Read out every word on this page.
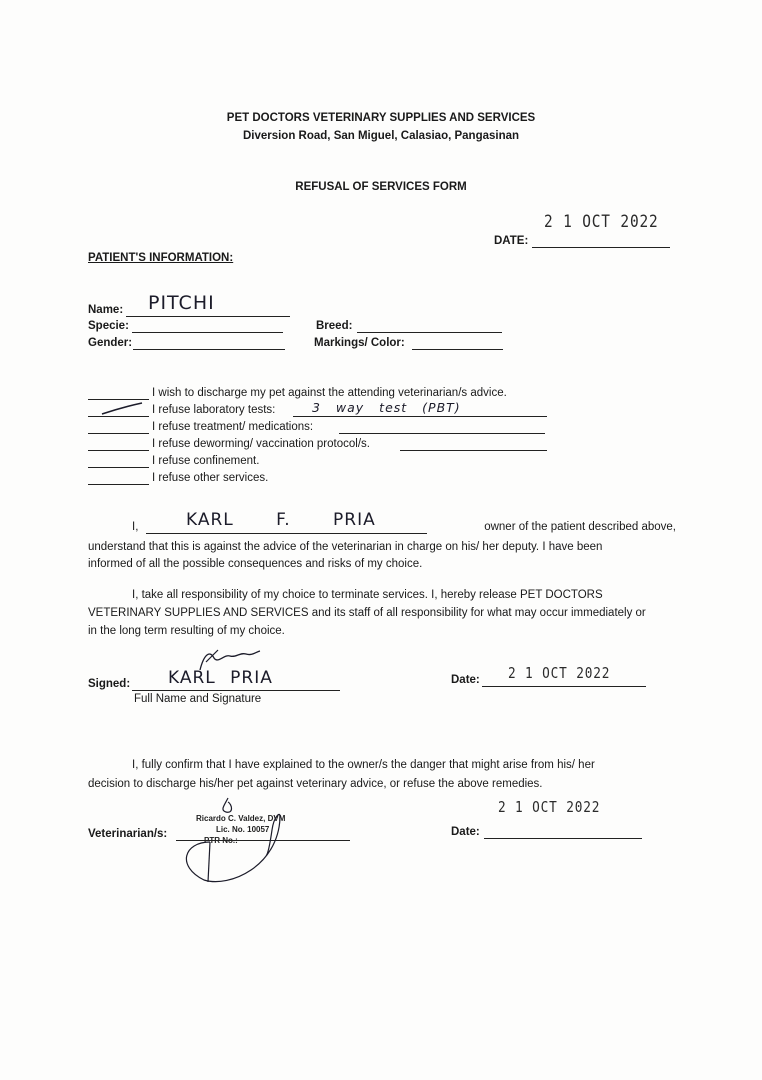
PET DOCTORS VETERINARY SUPPLIES AND SERVICES
Diversion Road, San Miguel, Calasiao, Pangasinan
REFUSAL OF SERVICES FORM
DATE:
2 1 OCT 2022
PATIENT'S INFORMATION:
Name: PITCHI
Specie:	Breed:
Gender:	Markings/ Color:
I wish to discharge my pet against the attending veterinarian/s advice.
I refuse laboratory tests:	3 way test (PBT)
I refuse treatment/ medications:
I refuse deworming/ vaccination protocol/s.
I refuse confinement.
I refuse other services.
I,	KARL F. PRIA	owner of the patient described above,
understand that this is against the advice of the veterinarian in charge on his/ her deputy. I have been
informed of all the possible consequences and risks of my choice.
I, take all responsibility of my choice to terminate services. I, hereby release PET DOCTORS
VETERINARY SUPPLIES AND SERVICES and its staff of all responsibility for what may occur immediately or
in the long term resulting of my choice.
Signed: KARL PRIA
Full Name and Signature
Date: 2 1 OCT 2022
I, fully confirm that I have explained to the owner/s the danger that might arise from his/ her
decision to discharge his/her pet against veterinary advice, or refuse the above remedies.
Veterinarian/s:
Ricardo C. Valdez, DVM
Lic. No. 10057
PTR No.:
Date:
2 1 OCT 2022
